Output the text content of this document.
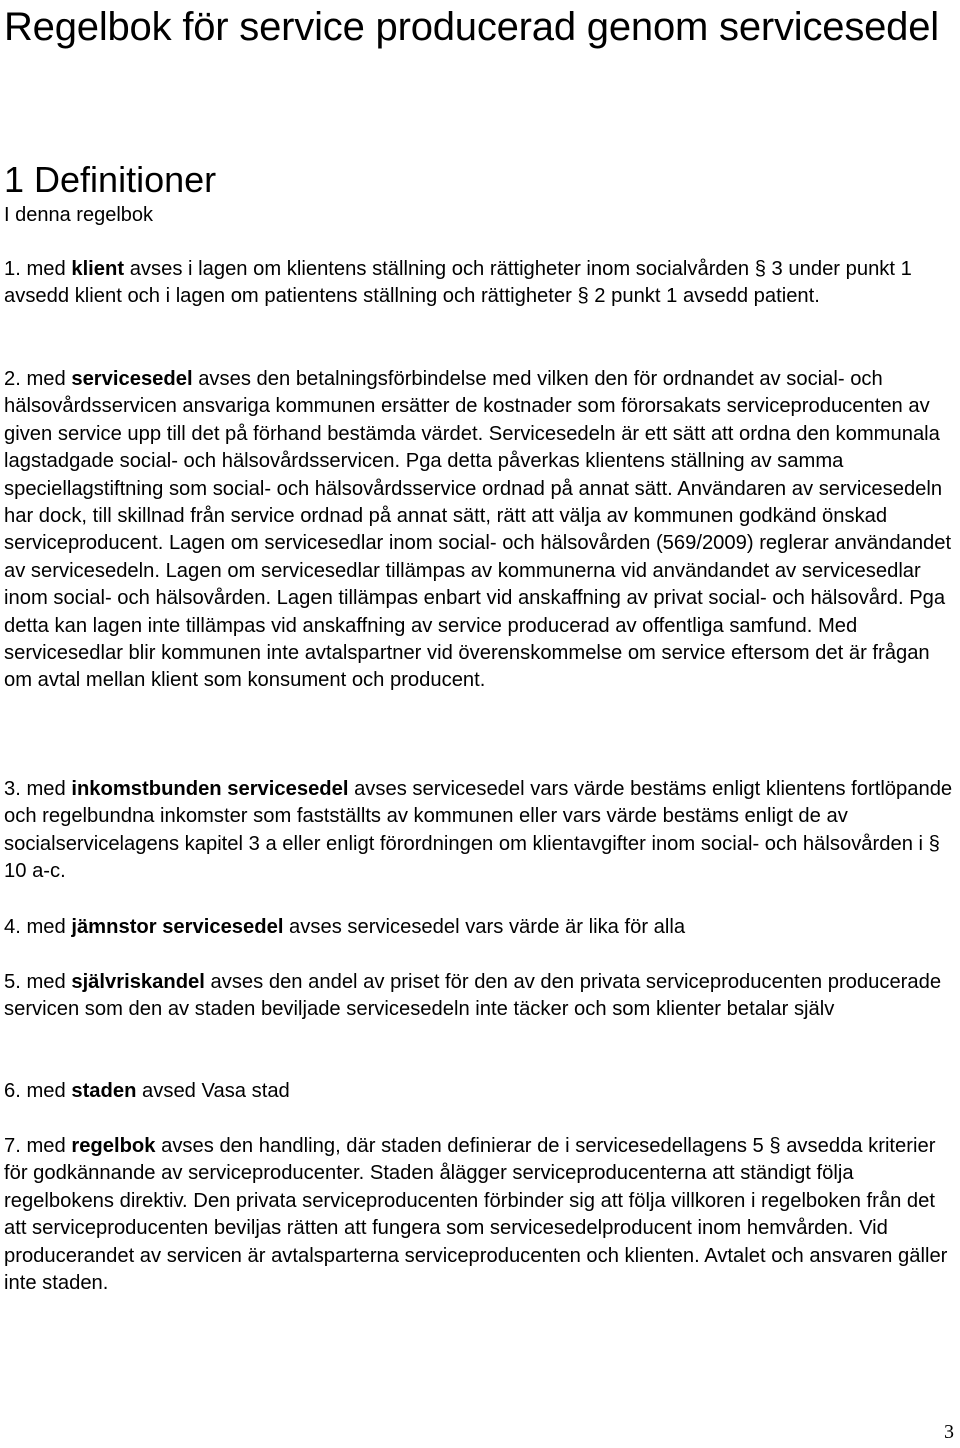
Regelbok för service producerad genom servicesedel
1 Definitioner

I denna regelbok

1. med klient avses i lagen om klientens ställning och rättigheter inom socialvården § 3 under punkt 1 avsedd klient och i lagen om patientens ställning och rättigheter § 2 punkt 1 avsedd patient.

2. med servicesedel avses den betalningsförbindelse med vilken den för ordnandet av social- och hälsovårdsservicen ansvariga kommunen ersätter de kostnader som förorsakats serviceproducenten av given service upp till det på förhand bestämda värdet. Servicesedeln är ett sätt att ordna den kommunala lagstadgade social- och hälsovårdsservicen. Pga detta påverkas klientens ställning av samma speciellagstiftning som social- och hälsovårdsservice ordnad på annat sätt. Användaren av servicesedeln har dock, till skillnad från service ordnad på annat sätt, rätt att välja av kommunen godkänd önskad serviceproducent. Lagen om servicesedlar inom social- och hälsovården (569/2009) reglerar användandet av servicesedeln. Lagen om servicesedlar tillämpas av kommunerna vid användandet av servicesedlar inom social- och hälsovården. Lagen tillämpas enbart vid anskaffning av privat social- och hälsovård. Pga detta kan lagen inte tillämpas vid anskaffning av service producerad av offentliga samfund. Med servicesedlar blir kommunen inte avtalspartner vid överenskommelse om service eftersom det är frågan om avtal mellan klient som konsument och producent.

3. med inkomstbunden servicesedel avses servicesedel vars värde bestäms enligt klientens fortlöpande och regelbundna inkomster som fastställts av kommunen eller vars värde bestäms enligt de av socialservicelagens kapitel 3 a eller enligt förordningen om klientavgifter inom social- och hälsovården i § 10 a-c.

4. med jämnstor servicesedel avses servicesedel vars värde är lika för alla

5. med självriskandel avses den andel av priset för den av den privata serviceproducenten producerade servicen som den av staden beviljade servicesedeln inte täcker och som klienter betalar själv

6. med staden avsed Vasa stad

7. med regelbok avses den handling, där staden definierar de i servicesedellagens 5 § avsedda kriterier för godkännande av serviceproducenter. Staden ålägger serviceproducenterna att ständigt följa regelbokens direktiv. Den privata serviceproducenten förbinder sig att följa villkoren i regelboken från det att serviceproducenten beviljas rätten att fungera som servicesedelproducent inom hemvården. Vid producerandet av servicen är avtalsparterna serviceproducenten och klienten. Avtalet och ansvaren gäller inte staden.

3
